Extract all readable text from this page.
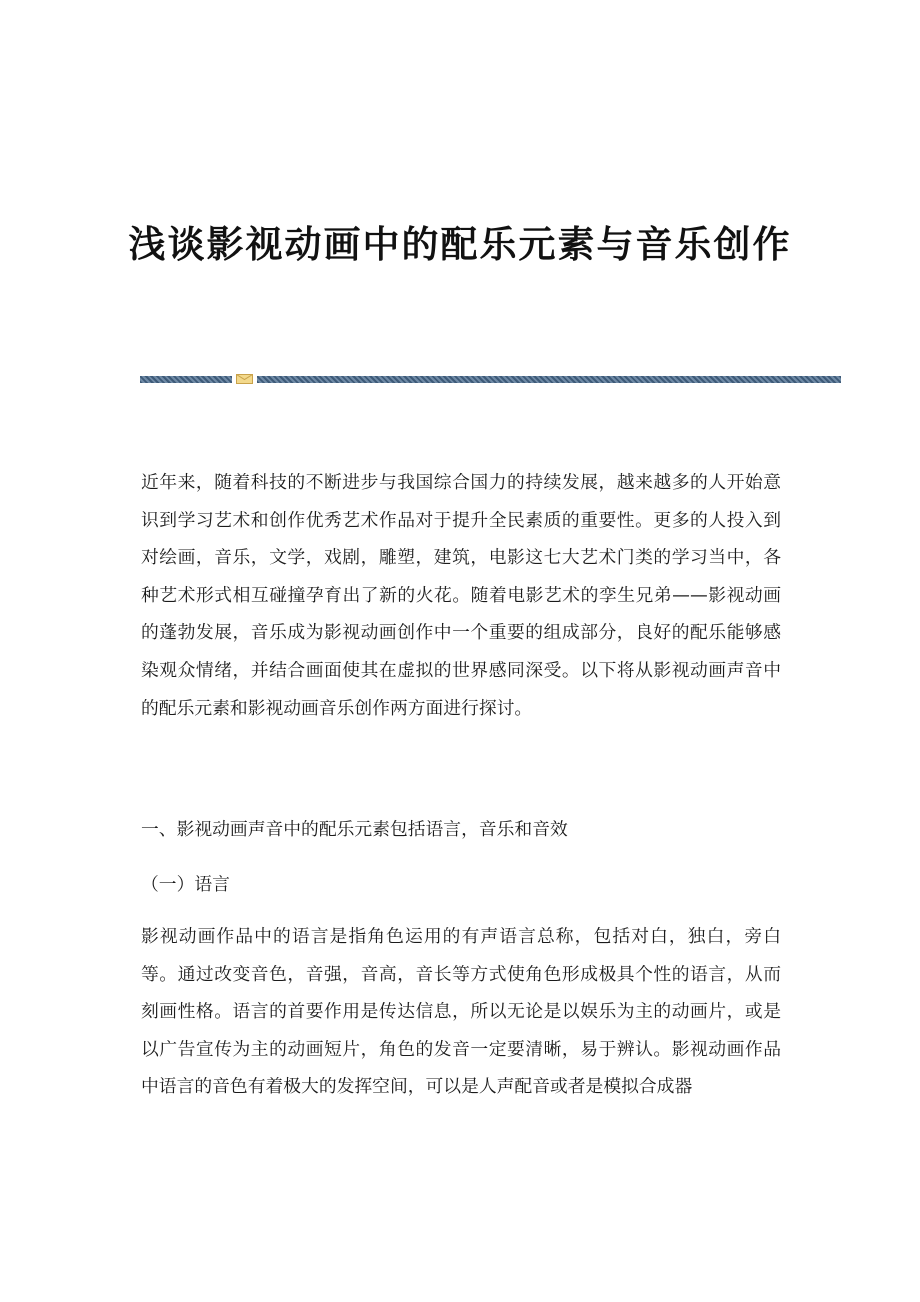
浅谈影视动画中的配乐元素与音乐创作

近年来，随着科技的不断进步与我国综合国力的持续发展，越来越多的人开始意识到学习艺术和创作优秀艺术作品对于提升全民素质的重要性。更多的人投入到对绘画，音乐，文学，戏剧，雕塑，建筑，电影这七大艺术门类的学习当中，各种艺术形式相互碰撞孕育出了新的火花。随着电影艺术的孪生兄弟——影视动画的蓬勃发展，音乐成为影视动画创作中一个重要的组成部分，良好的配乐能够感染观众情绪，并结合画面使其在虚拟的世界感同深受。以下将从影视动画声音中的配乐元素和影视动画音乐创作两方面进行探讨。

一、影视动画声音中的配乐元素包括语言，音乐和音效

（一）语言

影视动画作品中的语言是指角色运用的有声语言总称，包括对白，独白，旁白等。通过改变音色，音强，音高，音长等方式使角色形成极具个性的语言，从而刻画性格。语言的首要作用是传达信息，所以无论是以娱乐为主的动画片，或是以广告宣传为主的动画短片，角色的发音一定要清晰，易于辨认。影视动画作品中语言的音色有着极大的发挥空间，可以是人声配音或者是模拟合成器
